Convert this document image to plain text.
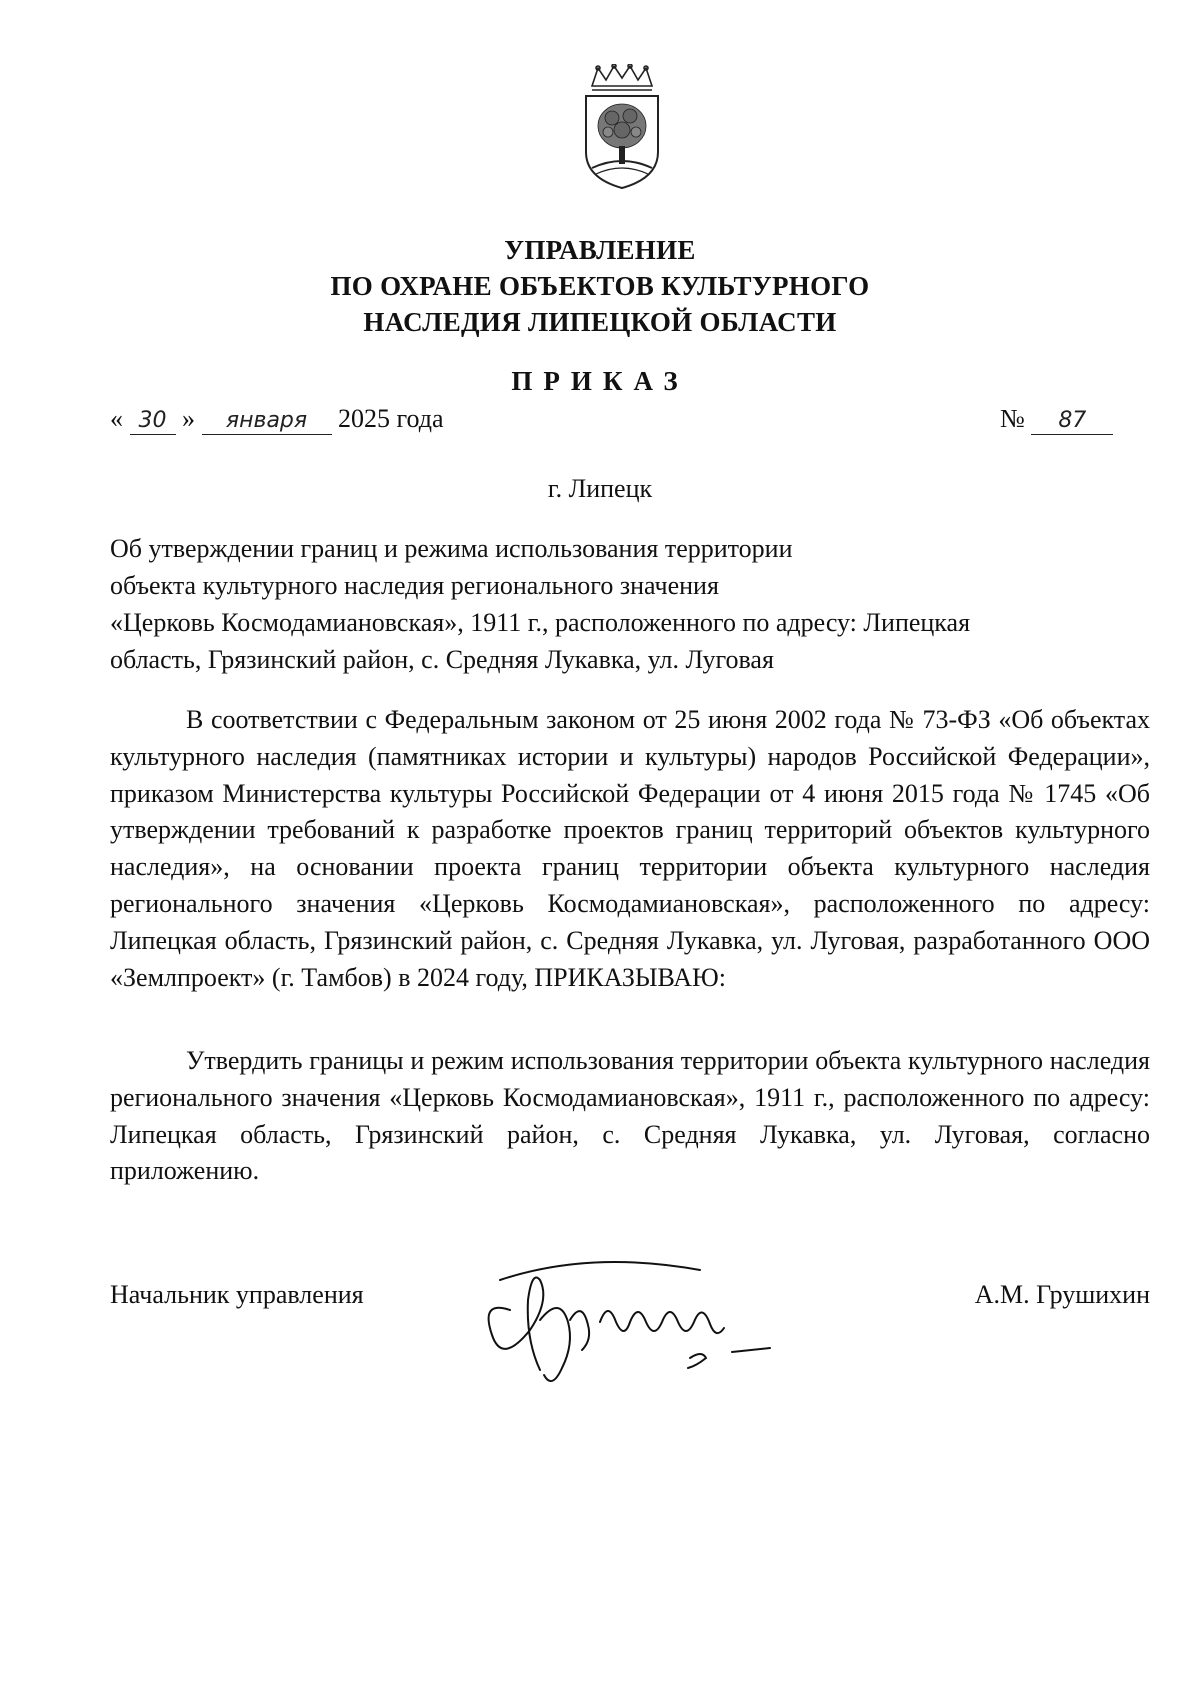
УПРАВЛЕНИЕ
ПО ОХРАНЕ ОБЪЕКТОВ КУЛЬТУРНОГО
НАСЛЕДИЯ ЛИПЕЦКОЙ ОБЛАСТИ
ПРИКАЗ
« 30 » января 2025 года	№ 87
г. Липецк
Об утверждении границ и режима использования территории
объекта культурного наследия регионального значения
«Церковь Космодамиановская», 1911 г., расположенного по адресу: Липецкая
область, Грязинский район, с. Средняя Лукавка, ул. Луговая
В соответствии с Федеральным законом от 25 июня 2002 года № 73-ФЗ «Об объектах культурного наследия (памятниках истории и культуры) народов Российской Федерации», приказом Министерства культуры Российской Федерации от 4 июня 2015 года № 1745 «Об утверждении требований к разработке проектов границ территорий объектов культурного наследия», на основании проекта границ территории объекта культурного наследия регионального значения «Церковь Космодамиановская», расположенного по адресу: Липецкая область, Грязинский район, с. Средняя Лукавка, ул. Луговая, разработанного ООО «Землпроект» (г. Тамбов) в 2024 году, ПРИКАЗЫВАЮ:
Утвердить границы и режим использования территории объекта культурного наследия регионального значения «Церковь Космодамиановская», 1911 г., расположенного по адресу: Липецкая область, Грязинский район, с. Средняя Лукавка, ул. Луговая, согласно приложению.
Начальник управления	А.М. Грушихин
